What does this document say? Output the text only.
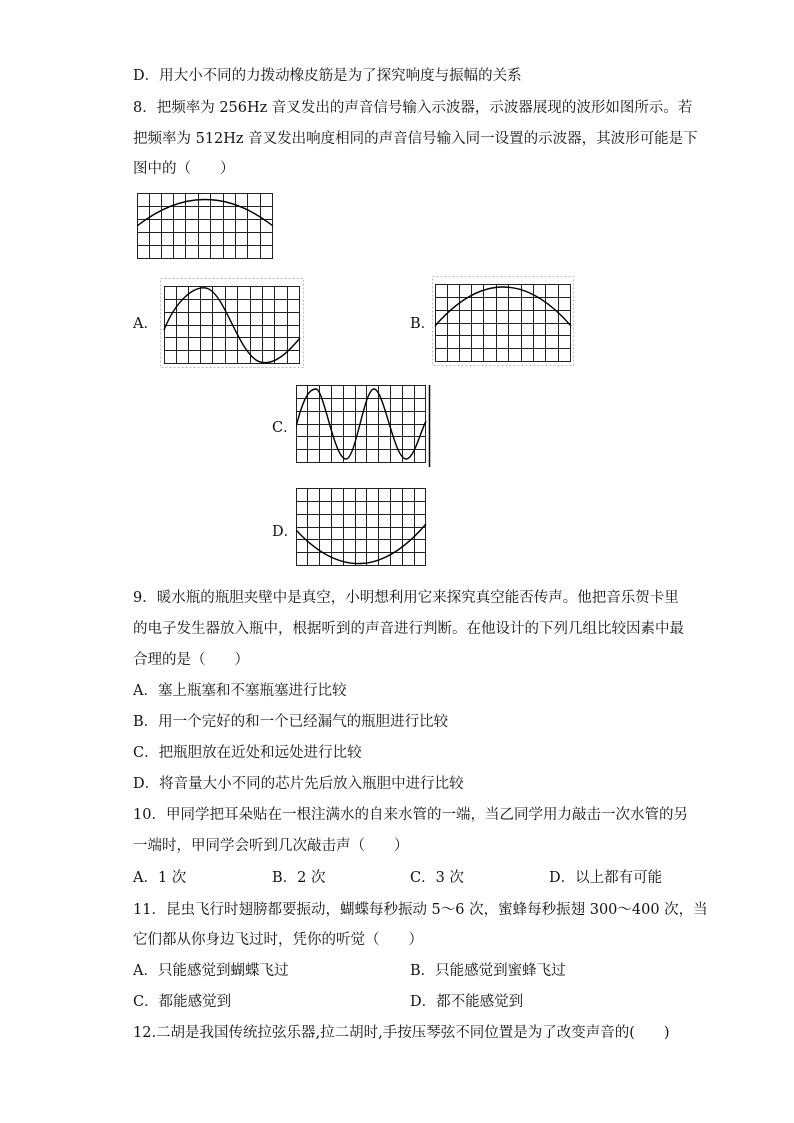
D．用大小不同的力拨动橡皮筋是为了探究响度与振幅的关系
8．把频率为 256Hz 音叉发出的声音信号输入示波器，示波器展现的波形如图所示。若
把频率为 512Hz 音叉发出响度相同的声音信号输入同一设置的示波器，其波形可能是下
图中的（　　）
A．	B．
C．
D．
9．暖水瓶的瓶胆夹壁中是真空，小明想利用它来探究真空能否传声。他把音乐贺卡里
的电子发生器放入瓶中，根据听到的声音进行判断。在他设计的下列几组比较因素中最
合理的是（　　）
A．塞上瓶塞和不塞瓶塞进行比较
B．用一个完好的和一个已经漏气的瓶胆进行比较
C．把瓶胆放在近处和远处进行比较
D．将音量大小不同的芯片先后放入瓶胆中进行比较
10．甲同学把耳朵贴在一根注满水的自来水管的一端，当乙同学用力敲击一次水管的另
一端时，甲同学会听到几次敲击声（　　）
A．1 次	B．2 次	C．3 次	D．以上都有可能
11．昆虫飞行时翅膀都要振动，蝴蝶每秒振动 5～6 次，蜜蜂每秒振翅 300～400 次，当
它们都从你身边飞过时，凭你的听觉（　　）
A．只能感觉到蝴蝶飞过	B．只能感觉到蜜蜂飞过
C．都能感觉到	D．都不能感觉到
12.二胡是我国传统拉弦乐器,拉二胡时,手按压琴弦不同位置是为了改变声音的(　　)
